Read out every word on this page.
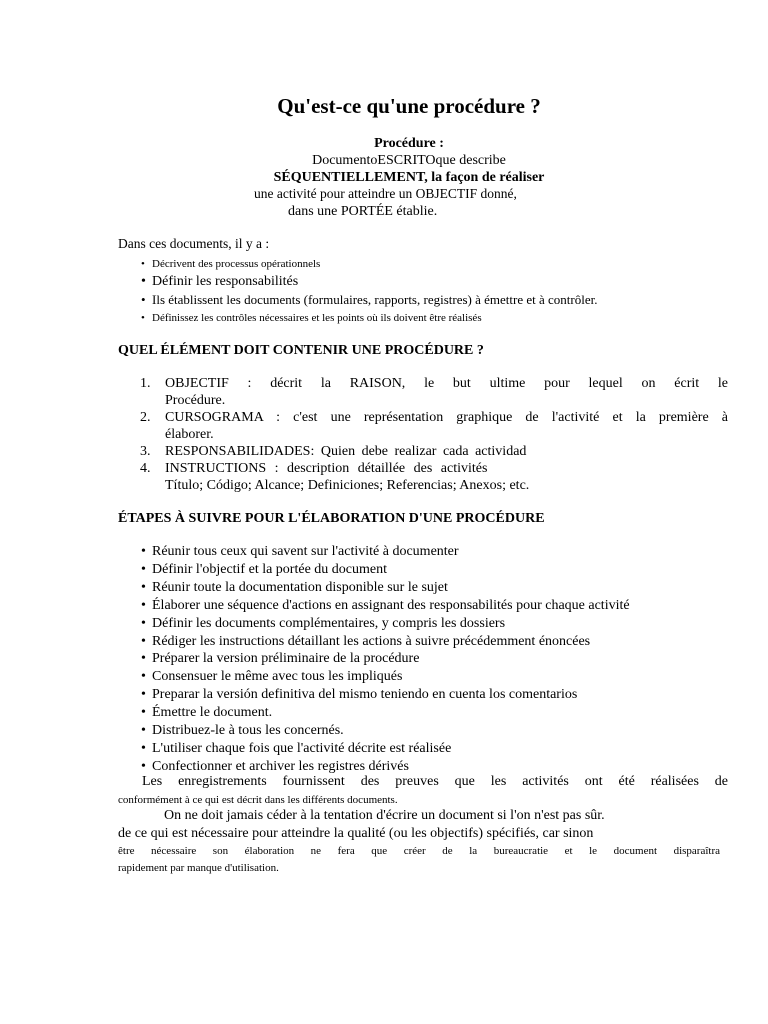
Qu'est-ce qu'une procédure ?
Procédure :
DocumentoESCRITOque describe
SÉQUENTIELLEMENT, la façon de réaliser
une activité pour atteindre un OBJECTIF donné,
dans une PORTÉE établie.
Dans ces documents, il y a :
• Décrivent des processus opérationnels
• Définir les responsabilités
• Ils établissent les documents (formulaires, rapports, registres) à émettre et à contrôler.
• Définissez les contrôles nécessaires et les points où ils doivent être réalisés
QUEL ÉLÉMENT DOIT CONTENIR UNE PROCÉDURE ?
1. OBJECTIF : décrit la RAISON, le but ultime pour lequel on écrit le
Procédure.
2. CURSOGRAMA : c'est une représentation graphique de l'activité et la première à
élaborer.
3. RESPONSABILIDADES: Quien debe realizar cada actividad
4. INSTRUCTIONS : description détaillée des activités
Título; Código; Alcance; Definiciones; Referencias; Anexos; etc.
ÉTAPES À SUIVRE POUR L'ÉLABORATION D'UNE PROCÉDURE
• Réunir tous ceux qui savent sur l'activité à documenter
• Définir l'objectif et la portée du document
• Réunir toute la documentation disponible sur le sujet
• Élaborer une séquence d'actions en assignant des responsabilités pour chaque activité
• Définir les documents complémentaires, y compris les dossiers
• Rédiger les instructions détaillant les actions à suivre précédemment énoncées
• Préparer la version préliminaire de la procédure
• Consensuer le même avec tous les impliqués
• Preparar la versión definitiva del mismo teniendo en cuenta los comentarios
• Émettre le document.
• Distribuez-le à tous les concernés.
• L'utiliser chaque fois que l'activité décrite est réalisée
• Confectionner et archiver les registres dérivés
Les enregistrements fournissent des preuves que les activités ont été réalisées de
conformément à ce qui est décrit dans les différents documents.
On ne doit jamais céder à la tentation d'écrire un document si l'on n'est pas sûr.
de ce qui est nécessaire pour atteindre la qualité (ou les objectifs) spécifiés, car sinon
être nécessaire son élaboration ne fera que créer de la bureaucratie et le document disparaîtra
rapidement par manque d'utilisation.
